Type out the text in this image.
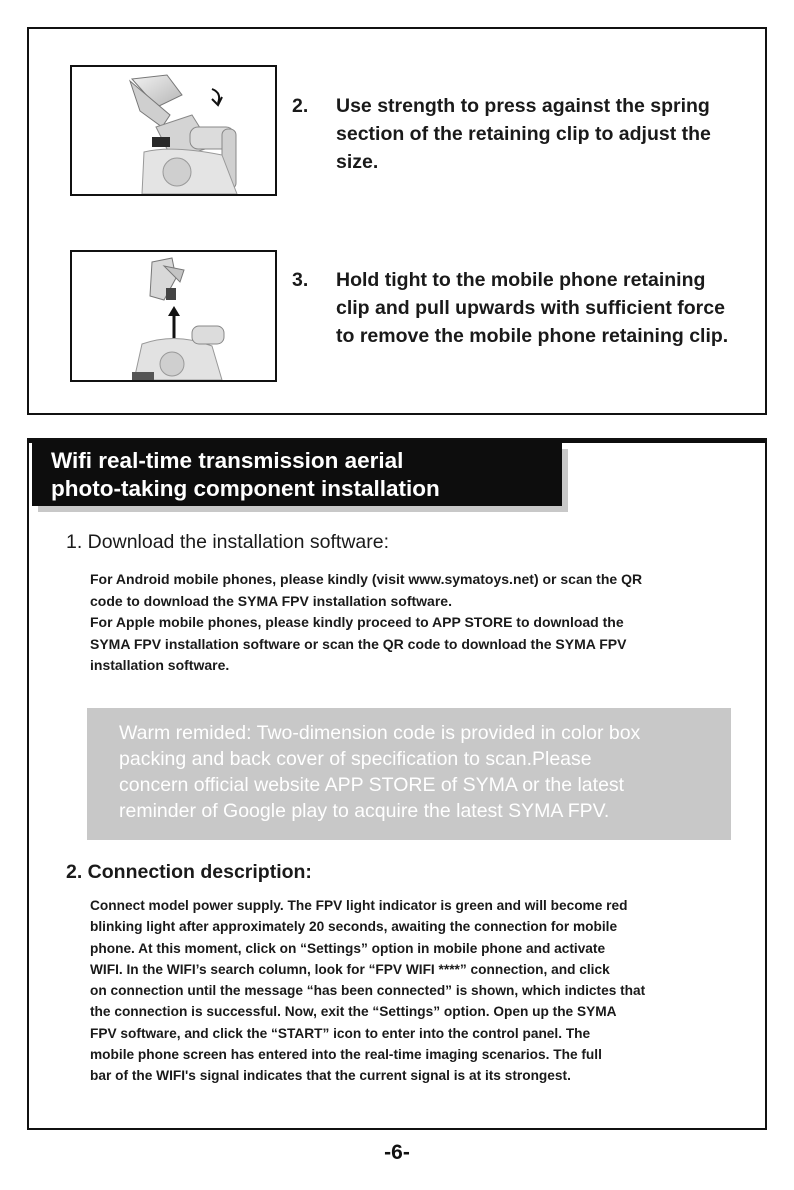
2. Use strength to press against the spring
section of the retaining clip to adjust the
size.
3. Hold tight to the mobile phone retaining
clip and pull upwards with sufficient force
to remove the mobile phone retaining clip.
Wifi real-time transmission aerial
photo-taking component installation
1. Download the installation software:
For Android mobile phones, please kindly (visit www.symatoys.net) or scan the QR
code to download the SYMA FPV installation software.
For Apple mobile phones, please kindly proceed to APP STORE to download the
SYMA FPV installation software or scan the QR code to download the SYMA FPV
installation software.
Warm remided: Two-dimension code is provided in color box
packing and back cover of specification to scan.Please
concern official website APP STORE of SYMA or the latest
reminder of Google play to acquire the latest SYMA FPV.
2. Connection description:
Connect model power supply. The FPV light indicator is green and will become red
blinking light after approximately 20 seconds, awaiting the connection for mobile
phone. At this moment, click on “Settings” option in mobile phone and activate
WIFI. In the WIFI’s search column, look for “FPV WIFI ****” connection, and click
on connection until the message “has been connected” is shown, which indictes that
the connection is successful. Now, exit the “Settings” option. Open up the SYMA
FPV software, and click the “START” icon to enter into the control panel. The
mobile phone screen has entered into the real-time imaging scenarios. The full
bar of the WIFI's signal indicates that the current signal is at its strongest.
-6-
